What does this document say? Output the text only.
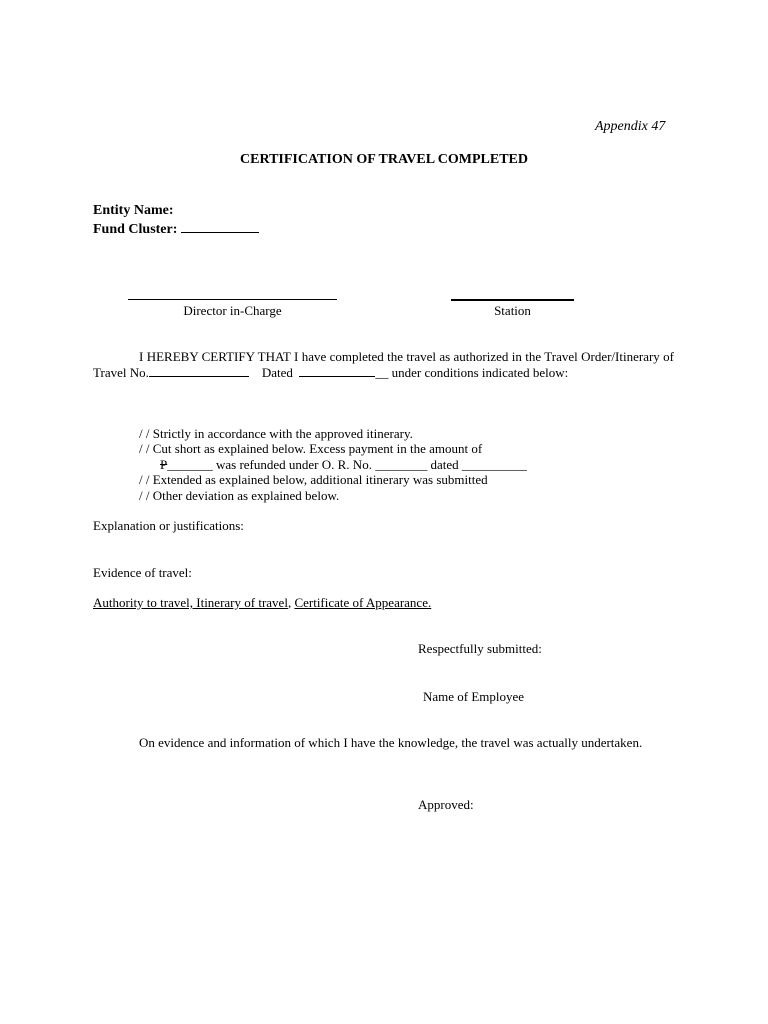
Appendix 47
CERTIFICATION OF TRAVEL COMPLETED
Entity Name:
Fund Cluster:
Director in-Charge	Station
I HEREBY CERTIFY THAT I have completed the travel as authorized in the Travel Order/Itinerary of Travel No.	Dated	__ under conditions indicated below:
/ / Strictly in accordance with the approved itinerary.
/ / Cut short as explained below. Excess payment in the amount of
P_______ was refunded under O. R. No. ________ dated __________
/ / Extended as explained below, additional itinerary was submitted
/ / Other deviation as explained below.
Explanation or justifications:
Evidence of travel:
Authority to travel, Itinerary of travel, Certificate of Appearance.
Respectfully submitted:
Name of Employee
On evidence and information of which I have the knowledge, the travel was actually undertaken.
Approved:
